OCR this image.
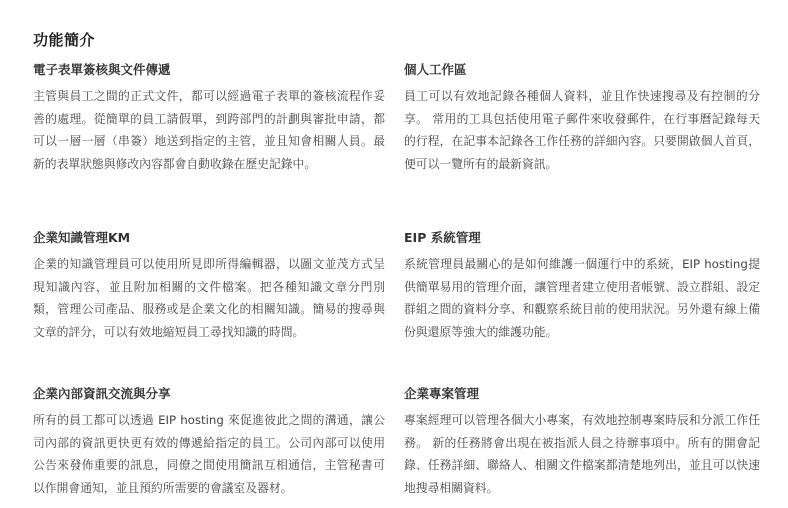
功能簡介
電子表單簽核與文件傳遞
主管與員工之間的正式文件，都可以經過電子表單的簽核流程作妥善的處理。從簡單的員工請假單，到跨部門的計劃與審批申請，都可以一層一層（串簽）地送到指定的主管，並且知會相關人員。最新的表單狀態與修改內容都會自動收錄在歷史記錄中。
個人工作區
員工可以有效地記錄各種個人資料，並且作快速搜尋及有控制的分享。 常用的工具包括使用電子郵件來收發郵件，在行事曆記錄每天的行程，在記事本記錄各工作任務的詳細內容。只要開啟個人首頁，便可以一覽所有的最新資訊。
企業知識管理KM
企業的知識管理員可以使用所見即所得編輯器，以圖文並茂方式呈現知識內容，並且附加相關的文件檔案。把各種知識文章分門別類，管理公司產品、服務或是企業文化的相關知識。簡易的搜尋與文章的評分，可以有效地縮短員工尋找知識的時間。
EIP 系統管理
系統管理員最關心的是如何維護一個運行中的系統，EIP hosting提供簡單易用的管理介面，讓管理者建立使用者帳號、設立群組、設定群組之間的資料分享、和觀察系統目前的使用狀況。另外還有線上備份與還原等強大的維護功能。
企業內部資訊交流與分享
所有的員工都可以透過 EIP hosting 來促進彼此之間的溝通，讓公司內部的資訊更快更有效的傳遞給指定的員工。公司內部可以使用公告來發佈重要的訊息，同僚之間使用簡訊互相通信，主管秘書可以作開會通知，並且預約所需要的會議室及器材。
企業專案管理
專案經理可以管理各個大小專案，有效地控制專案時辰和分派工作任務。 新的任務將會出現在被指派人員之待辦事項中。所有的開會記錄、任務詳細、聯絡人、相關文件檔案都清楚地列出，並且可以快速地搜尋相關資料。
